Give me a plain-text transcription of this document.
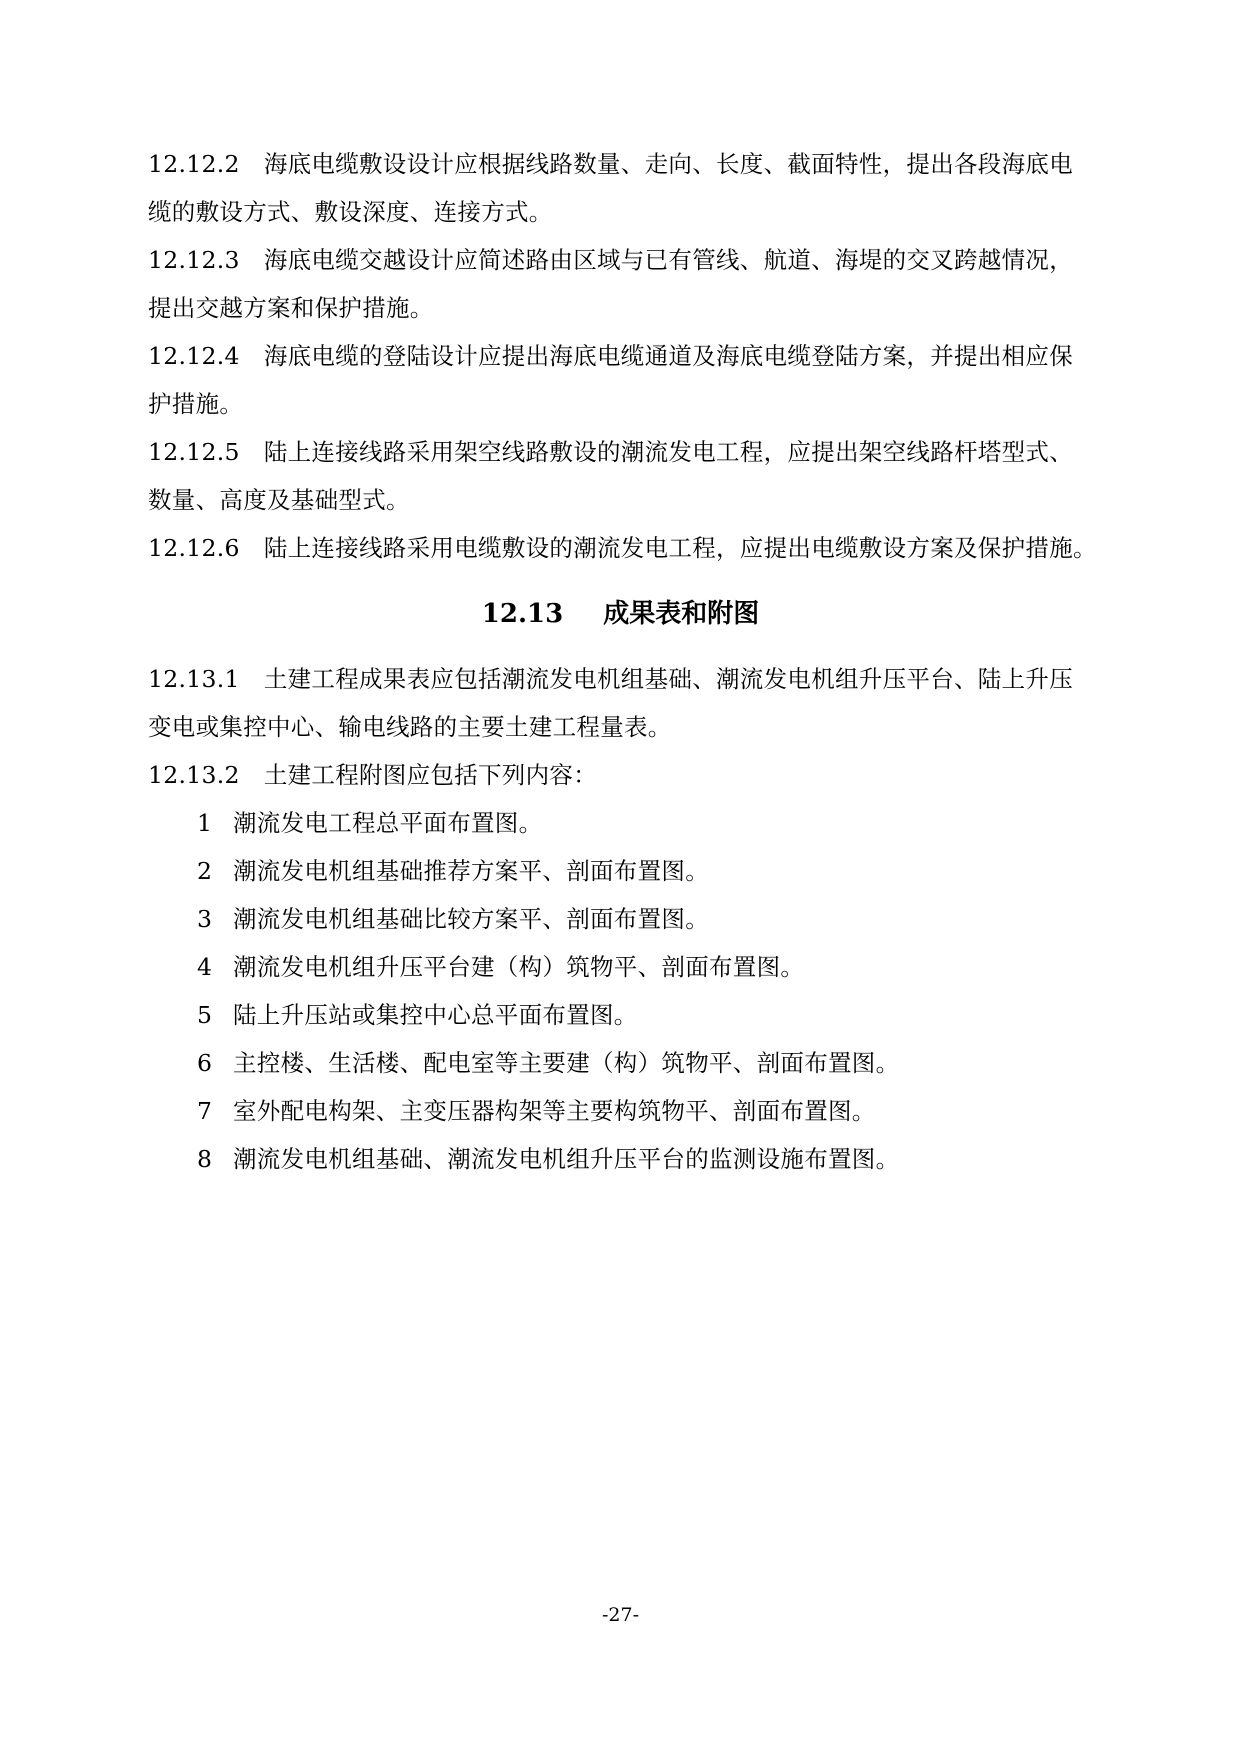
12.12.2 海底电缆敷设设计应根据线路数量、走向、长度、截面特性，提出各段海底电
缆的敷设方式、敷设深度、连接方式。

12.12.3 海底电缆交越设计应简述路由区域与已有管线、航道、海堤的交叉跨越情况，
提出交越方案和保护措施。

12.12.4 海底电缆的登陆设计应提出海底电缆通道及海底电缆登陆方案，并提出相应保
护措施。

12.12.5 陆上连接线路采用架空线路敷设的潮流发电工程，应提出架空线路杆塔型式、
数量、高度及基础型式。

12.12.6 陆上连接线路采用电缆敷设的潮流发电工程，应提出电缆敷设方案及保护措施。

12.13 成果表和附图

12.13.1 土建工程成果表应包括潮流发电机组基础、潮流发电机组升压平台、陆上升压
变电或集控中心、输电线路的主要土建工程量表。

12.13.2 土建工程附图应包括下列内容：

1 潮流发电工程总平面布置图。

2 潮流发电机组基础推荐方案平、剖面布置图。

3 潮流发电机组基础比较方案平、剖面布置图。

4 潮流发电机组升压平台建（构）筑物平、剖面布置图。

5 陆上升压站或集控中心总平面布置图。

6 主控楼、生活楼、配电室等主要建（构）筑物平、剖面布置图。

7 室外配电构架、主变压器构架等主要构筑物平、剖面布置图。

8 潮流发电机组基础、潮流发电机组升压平台的监测设施布置图。

-27-
